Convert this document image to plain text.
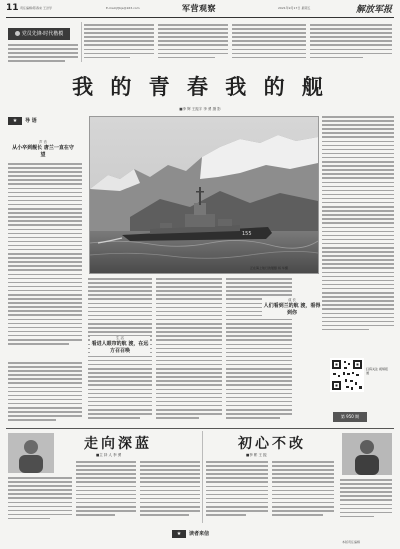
11 责任编辑/陈春来 王洪学	E-mail:jfjbjs@163.com	军营观察	2021年9月17日 星期五	解放军报
党员先锋·时代楷模
我 的 青 春 我 的 舰
■李 辉 王振宇 李 勇 摄 影
★ 导 语
声 音
从小卒到舰长 唐兰一直在守望
155
正在海上航行的舰艇 杨 华摄
生 活
看进人眼帘的航 渡，在远方召召唤
成 长
人们看到兰的航 渡，看得到你
扫码关注 视频报道
第 950 期
走向深蓝
■主 持 人 李 勇
初心不改
■李 彬 王 振
★ 读者来信
本版责任编辑
